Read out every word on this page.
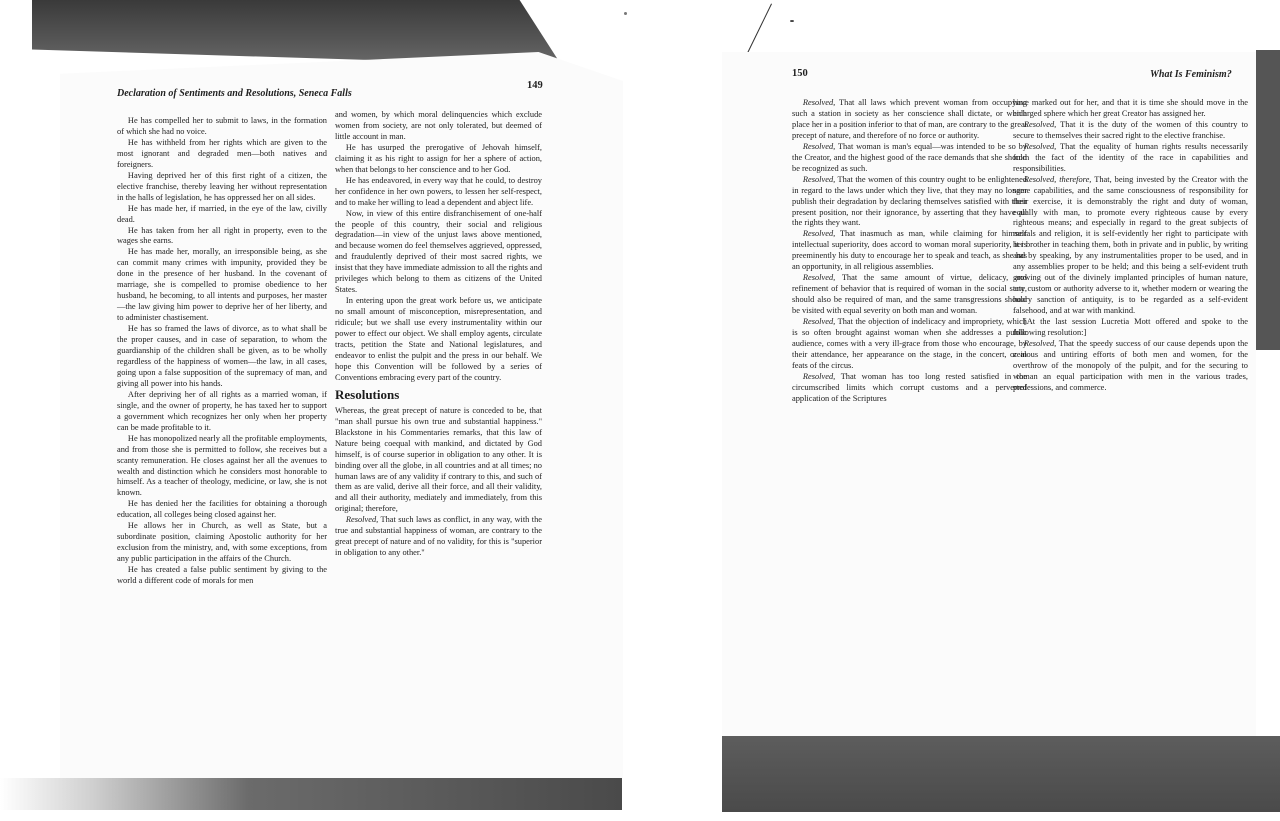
Declaration of Sentiments and Resolutions, Seneca Falls
149

He has compelled her to submit to laws, in the formation of which she had no voice.

He has withheld from her rights which are given to the most ignorant and degraded men—both natives and foreigners.

Having deprived her of this first right of a citizen, the elective franchise, thereby leaving her without representation in the halls of legislation, he has oppressed her on all sides.

He has made her, if married, in the eye of the law, civilly dead.

He has taken from her all right in property, even to the wages she earns.

He has made her, morally, an irresponsible being, as she can commit many crimes with impunity, provided they be done in the presence of her husband. In the covenant of marriage, she is compelled to promise obedience to her husband, he becoming, to all intents and purposes, her master—the law giving him power to deprive her of her liberty, and to administer chastisement.

He has so framed the laws of divorce, as to what shall be the proper causes, and in case of separation, to whom the guardianship of the children shall be given, as to be wholly regardless of the happiness of women—the law, in all cases, going upon a false supposition of the supremacy of man, and giving all power into his hands.

After depriving her of all rights as a married woman, if single, and the owner of property, he has taxed her to support a government which recognizes her only when her property can be made profitable to it.

He has monopolized nearly all the profitable employments, and from those she is permitted to follow, she receives but a scanty remuneration. He closes against her all the avenues to wealth and distinction which he considers most honorable to himself. As a teacher of theology, medicine, or law, she is not known.

He has denied her the facilities for obtaining a thorough education, all colleges being closed against her.

He allows her in Church, as well as State, but a subordinate position, claiming Apostolic authority for her exclusion from the ministry, and, with some exceptions, from any public participation in the affairs of the Church.

He has created a false public sentiment by giving to the world a different code of morals for men

and women, by which moral delinquencies which exclude women from society, are not only tolerated, but deemed of little account in man.

He has usurped the prerogative of Jehovah himself, claiming it as his right to assign for her a sphere of action, when that belongs to her conscience and to her God.

He has endeavored, in every way that he could, to destroy her confidence in her own powers, to lessen her self-respect, and to make her willing to lead a dependent and abject life.

Now, in view of this entire disfranchisement of one-half the people of this country, their social and religious degradation—in view of the unjust laws above mentioned, and because women do feel themselves aggrieved, oppressed, and fraudulently deprived of their most sacred rights, we insist that they have immediate admission to all the rights and privileges which belong to them as citizens of the United States.

In entering upon the great work before us, we anticipate no small amount of misconception, misrepresentation, and ridicule; but we shall use every instrumentality within our power to effect our object. We shall employ agents, circulate tracts, petition the State and National legislatures, and endeavor to enlist the pulpit and the press in our behalf. We hope this Convention will be followed by a series of Conventions embracing every part of the country.

Resolutions

Whereas, the great precept of nature is conceded to be, that "man shall pursue his own true and substantial happiness." Blackstone in his Commentaries remarks, that this law of Nature being coequal with mankind, and dictated by God himself, is of course superior in obligation to any other. It is binding over all the globe, in all countries and at all times; no human laws are of any validity if contrary to this, and such of them as are valid, derive all their force, and all their validity, and all their authority, mediately and immediately, from this original; therefore,

Resolved, That such laws as conflict, in any way, with the true and substantial happiness of woman, are contrary to the great precept of nature and of no validity, for this is "superior in obligation to any other."

150	What Is Feminism?

Resolved, That all laws which prevent woman from occupying such a station in society as her conscience shall dictate, or which place her in a position inferior to that of man, are contrary to the great precept of nature, and therefore of no force or authority.

Resolved, That woman is man's equal—was intended to be so by the Creator, and the highest good of the race demands that she should be recognized as such.

Resolved, That the women of this country ought to be enlightened in regard to the laws under which they live, that they may no longer publish their degradation by declaring themselves satisfied with their present position, nor their ignorance, by asserting that they have all the rights they want.

Resolved, That inasmuch as man, while claiming for himself intellectual superiority, does accord to woman moral superiority, it is preeminently his duty to encourage her to speak and teach, as she has an opportunity, in all religious assemblies.

Resolved, That the same amount of virtue, delicacy, and refinement of behavior that is required of woman in the social state, should also be required of man, and the same transgressions should be visited with equal severity on both man and woman.

Resolved, That the objection of indelicacy and impropriety, which is so often brought against woman when she addresses a public audience, comes with a very ill-grace from those who encourage, by their attendance, her appearance on the stage, in the concert, or in feats of the circus.

Resolved, That woman has too long rested satisfied in the circumscribed limits which corrupt customs and a perverted application of the Scriptures

have marked out for her, and that it is time she should move in the enlarged sphere which her great Creator has assigned her.

Resolved, That it is the duty of the women of this country to secure to themselves their sacred right to the elective franchise.

Resolved, That the equality of human rights results necessarily from the fact of the identity of the race in capabilities and responsibilities.

Resolved, therefore, That, being invested by the Creator with the same capabilities, and the same consciousness of responsibility for their exercise, it is demonstrably the right and duty of woman, equally with man, to promote every righteous cause by every righteous means; and especially in regard to the great subjects of morals and religion, it is self-evidently her right to participate with her brother in teaching them, both in private and in public, by writing and by speaking, by any instrumentalities proper to be used, and in any assemblies proper to be held; and this being a self-evident truth growing out of the divinely implanted principles of human nature, any custom or authority adverse to it, whether modern or wearing the hoary sanction of antiquity, is to be regarded as a self-evident falsehood, and at war with mankind.

[At the last session Lucretia Mott offered and spoke to the following resolution:]

Resolved, That the speedy success of our cause depends upon the zealous and untiring efforts of both men and women, for the overthrow of the monopoly of the pulpit, and for the securing to woman an equal participation with men in the various trades, professions, and commerce.
